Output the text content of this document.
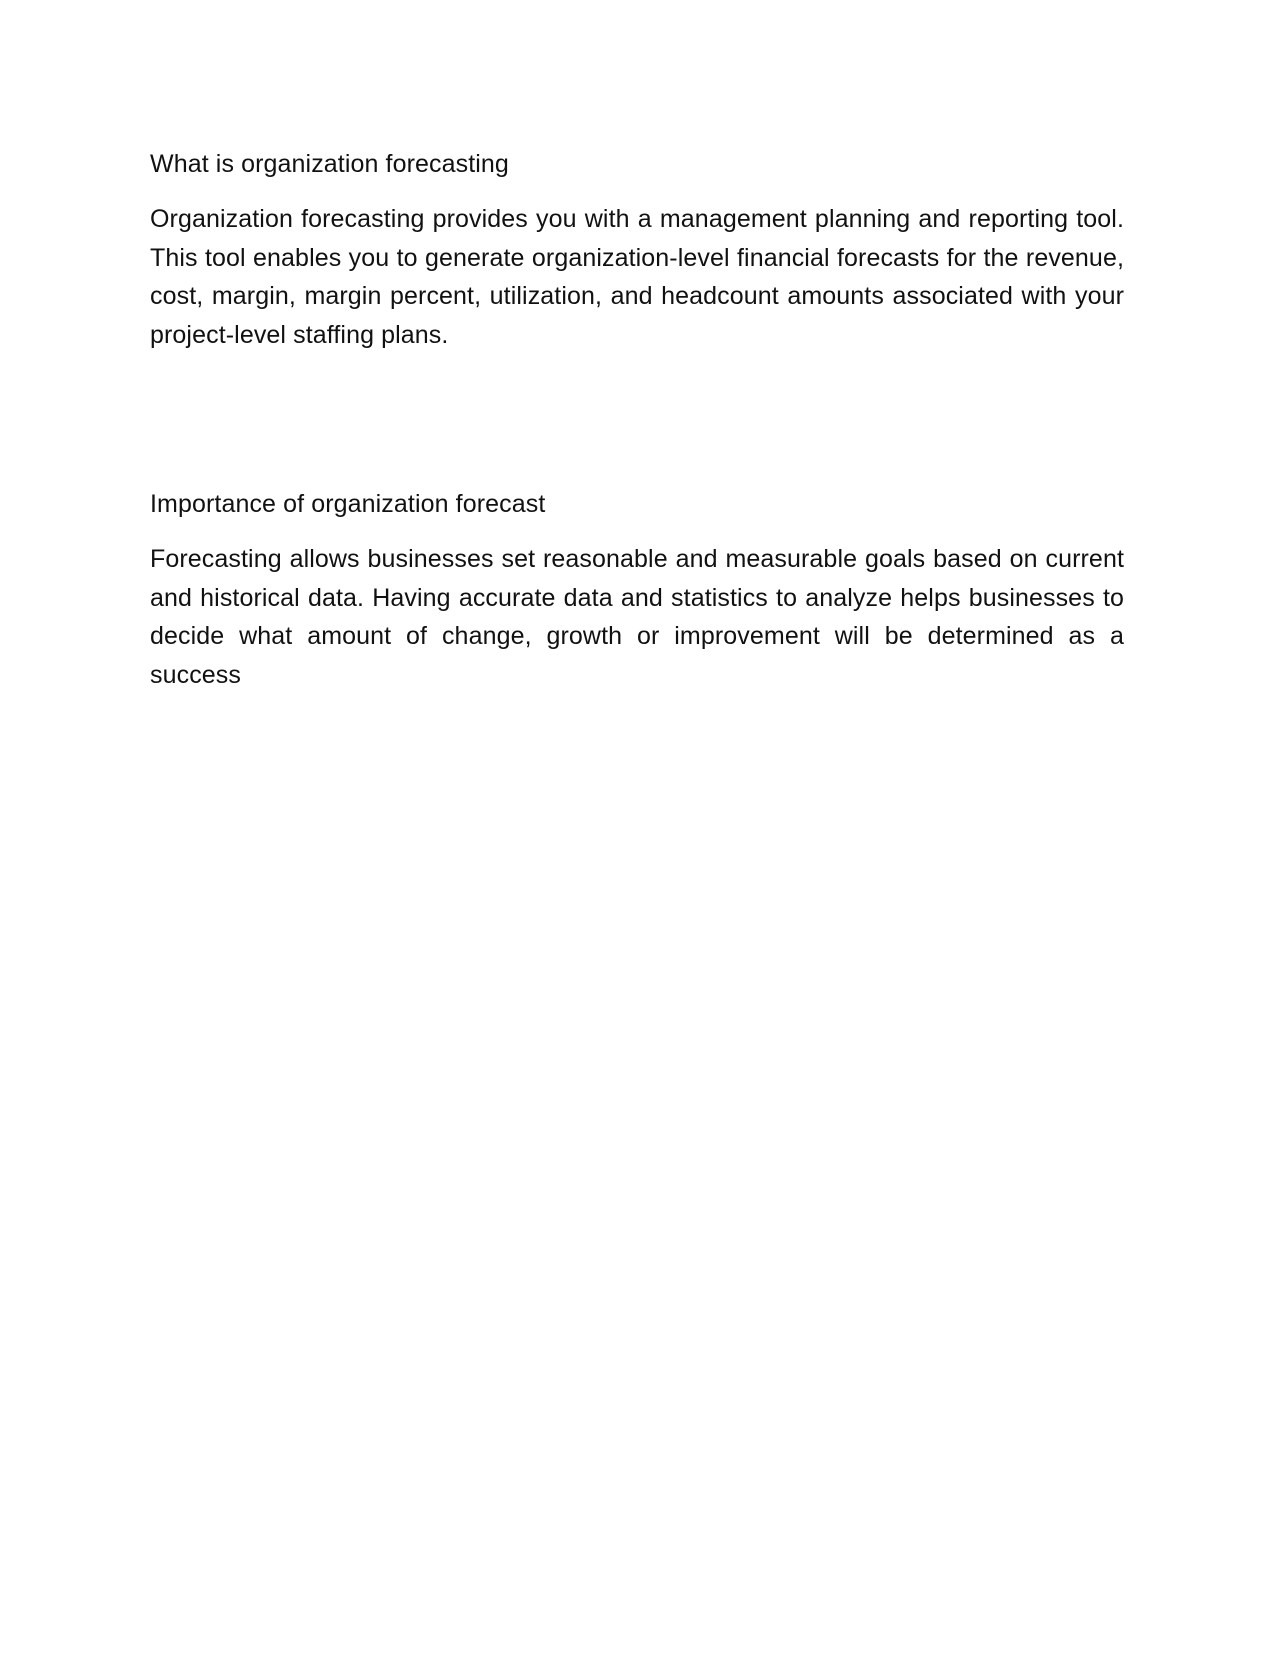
What is organization forecasting

Organization forecasting provides you with a management planning and reporting tool. This tool enables you to generate organization-level financial forecasts for the revenue, cost, margin, margin percent, utilization, and headcount amounts associated with your project-level staffing plans.

Importance of organization forecast

Forecasting allows businesses set reasonable and measurable goals based on current and historical data. Having accurate data and statistics to analyze helps businesses to decide what amount of change, growth or improvement will be determined as a success
